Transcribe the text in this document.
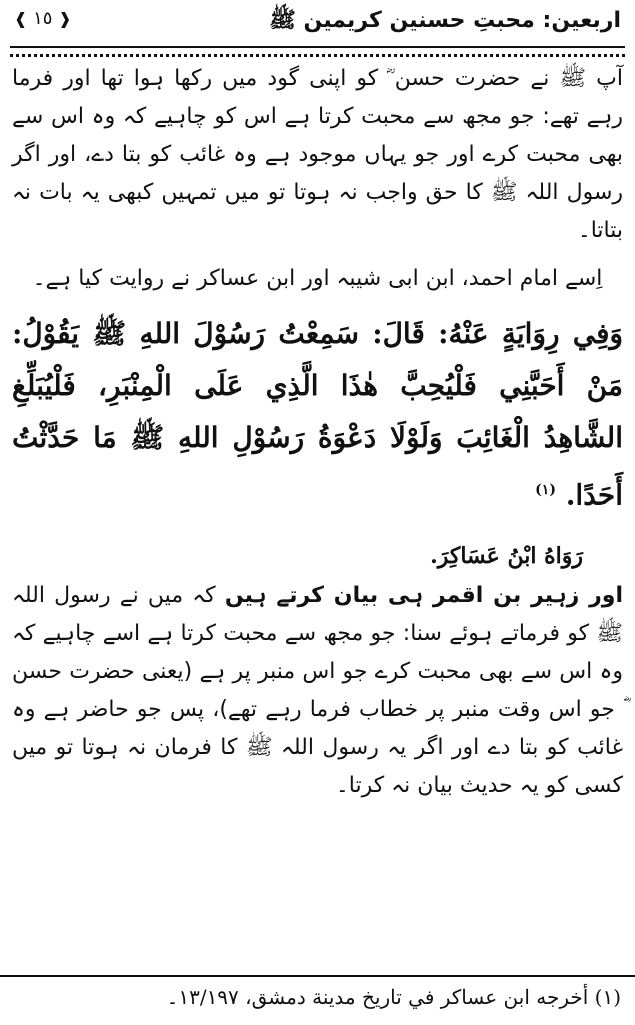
❰ ١٥ ❱	اربعین: محبتِ حسنین کریمین ﷺ

آپ ﷺ نے حضرت حسن ؓ کو اپنی گود میں رکھا ہوا تھا اور فرما رہے تھے: جو مجھ سے محبت کرتا ہے اس کو چاہیے کہ وہ اس سے بھی محبت کرے اور جو یہاں موجود ہے وہ غائب کو بتا دے، اور اگر رسول اللہ ﷺ کا حق واجب نہ ہوتا تو میں تمہیں کبھی یہ بات نہ بتاتا۔

اِسے امام احمد، ابن ابی شیبہ اور ابن عساکر نے روایت کیا ہے۔

وَفِي رِوَايَةٍ عَنْهُ: قَالَ: سَمِعْتُ رَسُوْلَ اللهِ ﷺ يَقُوْلُ: مَنْ أَحَبَّنِي فَلْيُحِبَّ هٰذَا الَّذِي عَلَى الْمِنْبَرِ، فَلْيُبَلِّغِ الشَّاهِدُ الْغَائِبَ وَلَوْلَا دَعْوَةُ رَسُوْلِ اللهِ ﷺ مَا حَدَّثْتُ أَحَدًا. $^{(١)}$

رَوَاهُ ابْنُ عَسَاكِرَ.

اور زہیر بن اقمر ہی بیان کرتے ہیں کہ میں نے رسول اللہ ﷺ کو فرماتے ہوئے سنا: جو مجھ سے محبت کرتا ہے اسے چاہیے کہ وہ اس سے بھی محبت کرے جو اس منبر پر ہے (یعنی حضرت حسن ؓ جو اس وقت منبر پر خطاب فرما رہے تھے)، پس جو حاضر ہے وہ غائب کو بتا دے اور اگر یہ رسول اللہ ﷺ کا فرمان نہ ہوتا تو میں کسی کو یہ حدیث بیان نہ کرتا۔

(١) أخرجه ابن عساكر في تاريخ مدينة دمشق، ١٣/١٩٧۔
